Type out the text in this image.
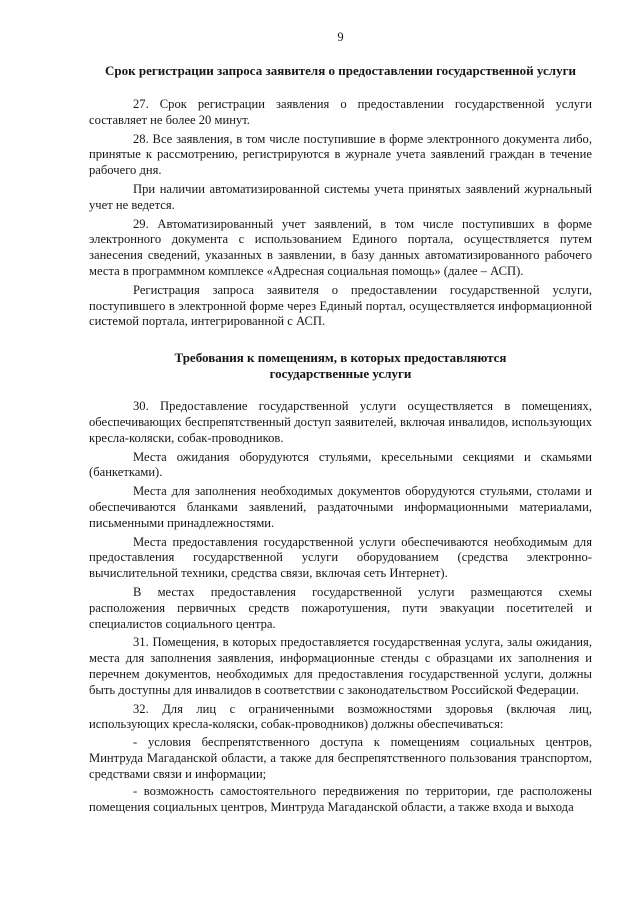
9
Срок регистрации запроса заявителя о предоставлении государственной услуги

27. Срок регистрации заявления о предоставлении государственной услуги составляет не более 20 минут.

28. Все заявления, в том числе поступившие в форме электронного документа либо, принятые к рассмотрению, регистрируются в журнале учета заявлений граждан в течение рабочего дня.

При наличии автоматизированной системы учета принятых заявлений журнальный учет не ведется.

29. Автоматизированный учет заявлений, в том числе поступивших в форме электронного документа с использованием Единого портала, осуществляется путем занесения сведений, указанных в заявлении, в базу данных автоматизированного рабочего места в программном комплексе «Адресная социальная помощь» (далее – АСП).

Регистрация запроса заявителя о предоставлении государственной услуги, поступившего в электронной форме через Единый портал, осуществляется информационной системой портала, интегрированной с АСП.

Требования к помещениям, в которых предоставляются
государственные услуги

30. Предоставление государственной услуги осуществляется в помещениях, обеспечивающих беспрепятственный доступ заявителей, включая инвалидов, использующих кресла-коляски, собак-проводников.

Места ожидания оборудуются стульями, кресельными секциями и скамьями (банкетками).

Места для заполнения необходимых документов оборудуются стульями, столами и обеспечиваются бланками заявлений, раздаточными информационными материалами, письменными принадлежностями.

Места предоставления государственной услуги обеспечиваются необходимым для предоставления государственной услуги оборудованием (средства электронно-вычислительной техники, средства связи, включая сеть Интернет).

В местах предоставления государственной услуги размещаются схемы расположения первичных средств пожаротушения, пути эвакуации посетителей и специалистов социального центра.

31. Помещения, в которых предоставляется государственная услуга, залы ожидания, места для заполнения заявления, информационные стенды с образцами их заполнения и перечнем документов, необходимых для предоставления государственной услуги, должны быть доступны для инвалидов в соответствии с законодательством Российской Федерации.

32. Для лиц с ограниченными возможностями здоровья (включая лиц, использующих кресла-коляски, собак-проводников) должны обеспечиваться:

- условия беспрепятственного доступа к помещениям социальных центров, Минтруда Магаданской области, а также для беспрепятственного пользования транспортом, средствами связи и информации;

- возможность самостоятельного передвижения по территории, где расположены помещения социальных центров, Минтруда Магаданской области, а также входа и выхода
